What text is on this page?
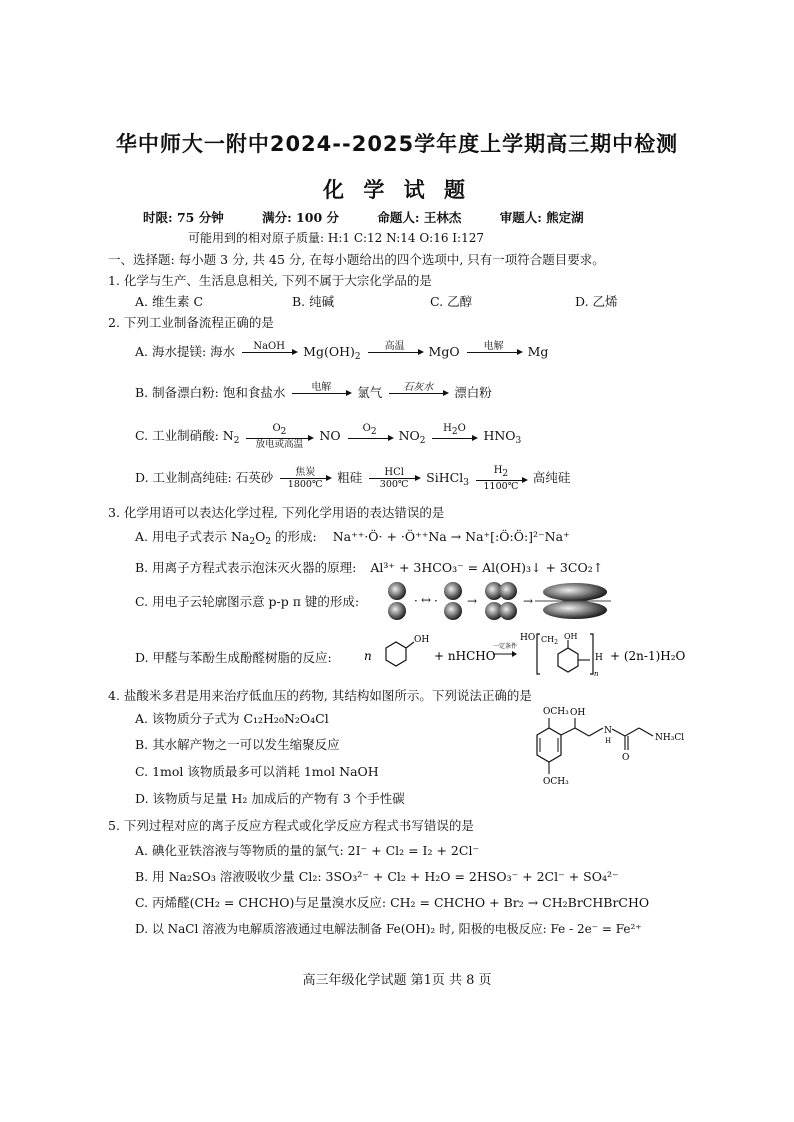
华中师大一附中2024--2025学年度上学期高三期中检测
化 学 试 题
时限: 75 分钟	满分: 100 分	命题人: 王林杰	审题人: 熊定湖
可能用到的相对原子质量: H:1 C:12 N:14 O:16 I:127
一、选择题: 每小题 3 分, 共 45 分, 在每小题给出的四个选项中, 只有一项符合题目要求。
1. 化学与生产、生活息息相关, 下列不属于大宗化学品的是
A. 维生素 C	B. 纯碱	C. 乙醇	D. 乙烯
2. 下列工业制备流程正确的是
A. 海水提镁: 海水	NaOH
	$Mg(OH)_2$
高温
	MgO	电解
	Mg
B. 制备漂白粉: 饱和食盐水	电解
	氯气	石灰水
	漂白粉
C. 工业制硝酸: $N_2$
O2
放电或高温
NO	O2
	$NO_2$
H2O
	$HNO_3$
D. 工业制高纯硅: 石英砂	焦炭
1800℃	粗硅	HCl
300℃	SiHCl$_3$ $\frac{H2}{1100℃}$ 高纯硅
3. 化学用语可以表达化学过程, 下列化学用语的表达错误的是
A. 用电子式表示 $Na_2O_2$ 的形成: Na⁺⁺·Ö· + ·Ö⁺⁺Na → Na⁺[:Ö:Ö:]²⁻Na⁺
B. 用离子方程式表示泡沫灭火器的原理: Al³⁺ + 3HCO₃⁻ = Al(OH)₃↓ + 3CO₂↑
C. 用电子云轮廓图示意 p-p π 键的形成:	· ↔ · →	→
D. 甲醛与苯酚生成酚醛树脂的反应:	n
OH
+ nHCHO
一定条件
HO $CH_2$
OH
H
n
+ (2n-1)H₂O
4. 盐酸米多君是用来治疗低血压的药物, 其结构如图所示。下列说法正确的是
A. 该物质分子式为 C₁₂H₂₀N₂O₄Cl
B. 其水解产物之一可以发生缩聚反应
C. 1mol 该物质最多可以消耗 1mol NaOH
D. 该物质与足量 H₂ 加成后的产物有 3 个手性碳
OCH₃
OCH₃
OH
N
H
O
NH₃Cl
5. 下列过程对应的离子反应方程式或化学反应方程式书写错误的是
A. 碘化亚铁溶液与等物质的量的氯气: 2I⁻ + Cl₂ = I₂ + 2Cl⁻
B. 用 Na₂SO₃ 溶液吸收少量 Cl₂: 3SO₃²⁻ + Cl₂ + H₂O = 2HSO₃⁻ + 2Cl⁻ + SO₄²⁻
C. 丙烯醛(CH₂ = CHCHO)与足量溴水反应: CH₂ = CHCHO + Br₂ → CH₂BrCHBrCHO
D. 以 NaCl 溶液为电解质溶液通过电解法制备 Fe(OH)₂ 时, 阳极的电极反应: Fe - 2e⁻ = Fe²⁺
高三年级化学试题 第1页 共 8 页
